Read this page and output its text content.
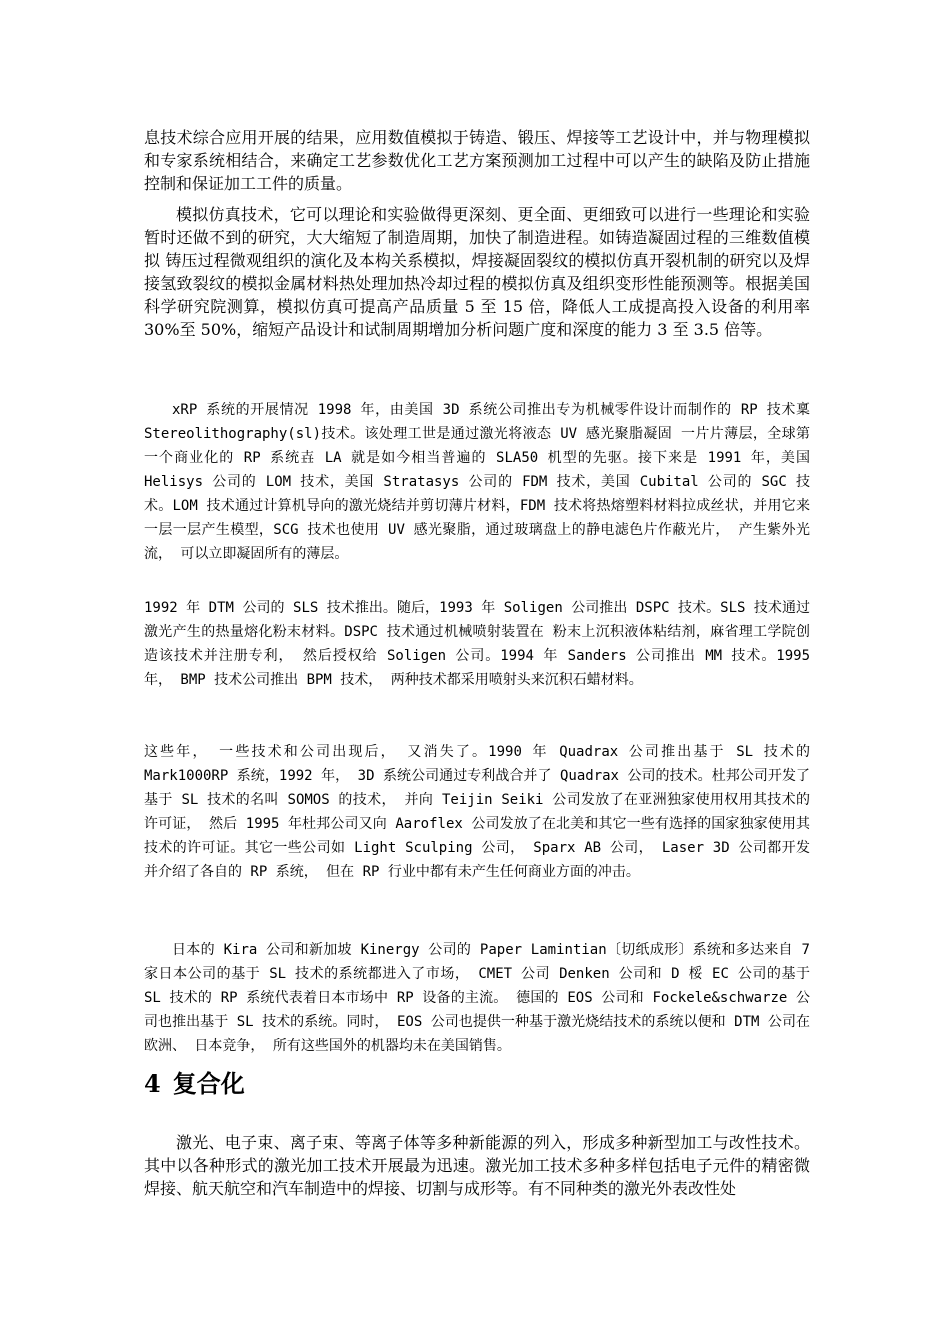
息技术综合应用开展的结果，应用数值模拟于铸造、锻压、焊接等工艺设计中，并与物理模拟和专家系统相结合，来确定工艺参数优化工艺方案预测加工过程中可以产生的缺陷及防止措施控制和保证加工工件的质量。

模拟仿真技术，它可以理论和实验做得更深刻、更全面、更细致可以进行一些理论和实验暂时还做不到的研究，大大缩短了制造周期，加快了制造进程。如铸造凝固过程的三维数值模拟 铸压过程微观组织的演化及本构关系模拟，焊接凝固裂纹的模拟仿真开裂机制的研究以及焊接氢致裂纹的模拟金属材料热处理加热冷却过程的模拟仿真及组织变形性能预测等。根据美国科学研究院测算，模拟仿真可提高产品质量 5 至 15 倍，降低人工成提高投入设备的利用率 30%至 50%，缩短产品设计和试制周期增加分析问题广度和深度的能力 3 至 3.5 倍等。

xRP 系统的开展情况 1998 年，由美国 3D 系统公司推出专为机械零件设计而制作的 RP 技术稟 Stereolithography(sl)技术。该处理工世是通过激光将液态 UV 感光聚脂凝固 一片片薄层，全球第一个商业化的 RP 系统壵 LA 就是如今相当普遍的 SLA50 机型的先驱。接下来是 1991 年，美国 Helisys 公司的 LOM 技术，美国 Stratasys 公司的 FDM 技术，美国 Cubital 公司的 SGC 技术。LOM 技术通过计算机导向的激光烧结并剪切薄片材料，FDM 技术将热熔塑料材料拉成丝状，并用它来一层一层产生模型，SCG 技术也使用 UV 感光聚脂，通过玻璃盘上的静电滤色片作蔽光片， 产生紫外光流， 可以立即凝固所有的薄层。

1992 年 DTM 公司的 SLS 技术推出。随后，1993 年 Soligen 公司推出 DSPC 技术。SLS 技术通过激光产生的热量熔化粉末材料。DSPC 技术通过机械喷射装置在 粉末上沉积液体粘结剂，麻省理工学院创造该技术并注册专利， 然后授权给 Soligen 公司。1994 年 Sanders 公司推出 MM 技术。1995 年， BMP 技术公司推出 BPM 技术， 两种技术都采用喷射头来沉积石蜡材料。

这些年， 一些技术和公司出现后， 又消失了。1990 年 Quadrax 公司推出基于 SL 技术的 Mark1000RP 系统，1992 年， 3D 系统公司通过专利战合并了 Quadrax 公司的技术。杜邦公司开发了基于 SL 技术的名叫 SOMOS 的技术， 并向 Teijin Seiki 公司发放了在亚洲独家使用权用其技术的许可证， 然后 1995 年杜邦公司又向 Aaroflex 公司发放了在北美和其它一些有选择的国家独家使用其技术的许可证。其它一些公司如 Light Sculping 公司， Sparx AB 公司， Laser 3D 公司都开发并介绍了各自的 RP 系统， 但在 RP 行业中都有未产生任何商业方面的冲击。

日本的 Kira 公司和新加坡 Kinergy 公司的 Paper Lamintian〔切纸成形〕系统和多达来自 7 家日本公司的基于 SL 技术的系统都进入了市场， CMET 公司 Denken 公司和 D 桵 EC 公司的基于 SL 技术的 RP 系统代表着日本市场中 RP 设备的主流。 德国的 EOS 公司和 Fockele&schwarze 公司也推出基于 SL 技术的系统。同时， EOS 公司也提供一种基于激光烧结技术的系统以便和 DTM 公司在欧洲、 日本竞争， 所有这些国外的机器均未在美国销售。

4 复合化

激光、电子束、离子束、等离子体等多种新能源的列入，形成多种新型加工与改性技术。其中以各种形式的激光加工技术开展最为迅速。激光加工技术多种多样包括电子元件的精密微焊接、航天航空和汽车制造中的焊接、切割与成形等。有不同种类的激光外表改性处
